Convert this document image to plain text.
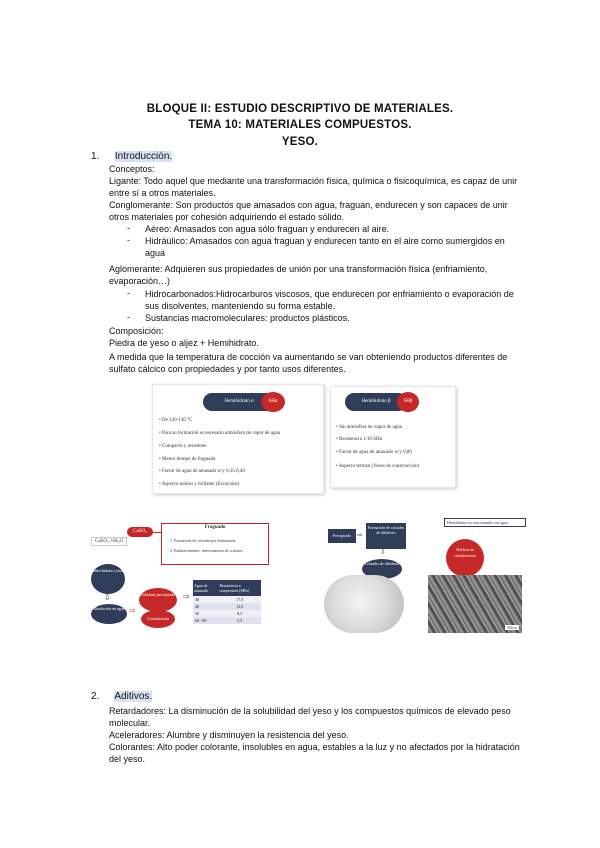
BLOQUE II: ESTUDIO DESCRIPTIVO DE MATERIALES.
TEMA 10: MATERIALES COMPUESTOS.
YESO.
1. Introducción.
Conceptos:
Ligante: Todo aquel que mediante una transformación física, química o fisicoquímica, es capaz de unir entre sí a otros materiales.
Conglomerante: Son productos que amasados con agua, fraguan, endurecen y son capaces de unir otros materiales por cohesión adquiriendo el estado sólido.
- Aéreo: Amasados con agua sólo fraguan y endurecen al aire.
- Hidráulico: Amasados con agua fraguan y endurecen tanto en el aire como sumergidos en agua
Aglomerante: Adquieren sus propiedades de unión por una transformación física (enfriamiento, evaporación…)
- Hidrocarbonados:Hidrocarburos viscosos, que endurecen por enfriamiento o evaporación de sus disolventes, manteniendo su forma estable.
- Sustancias macromoleculares: productos plásticos.
Composición:
Piedra de yeso o aljez + Hemihidrato.
A medida que la temperatura de cocción va aumentando se van obteniendo productos diferentes de sulfato cálcico con propiedades y por tanto usos diferentes.
Hemihidrato α	SHα
• De 120-130 °C
• Para su formación es necesario atmósfera de vapor de agua
• Compacto y resistente
• Menor tiempo de fraguado
• Factor de agua de amasado w/y 0,35 0,40
• Aspecto sedoso y brillante (Escayolas)
Hemihidrato β	SHβ
• Sin atmósfera de vapor de agua
• Resistencia 1/10 SHα
• Factor de agua de amasado w/y 0,80
• Aspecto terroso (Yesos de construcción)
CaSO₄·½H₂O
CaSO₄
Fraguado
1. Formación de cristales por hidratación
2. Endurecimiento: interconexión de cristales
Hemi-hidrato (yeso)
⇩
Disolución en agua ⇨
Dihidrato precipitado ⇨
Cristalización
Agua de amasado	Resistencia a compresión (MPa)
30	17,5
40	12,0
50	8,5
60 - 80	5,5
Precipitado ⇨
Formación de cristales de dihidrato
⇩
Cristales de dihidrato
Hemihidrato no reaccionado con agua
Núcleos de cristalización
Micro
2. Aditivos.
Retardadores: La disminución de la solubilidad del yeso y los compuestos químicos de elevado peso molecular.
Aceleradores: Alumbre y disminuyen la resistencia del yeso.
Colorantes: Alto poder colorante, insolubles en agua, estables a la luz y no afectados por la hidratación del yeso.
